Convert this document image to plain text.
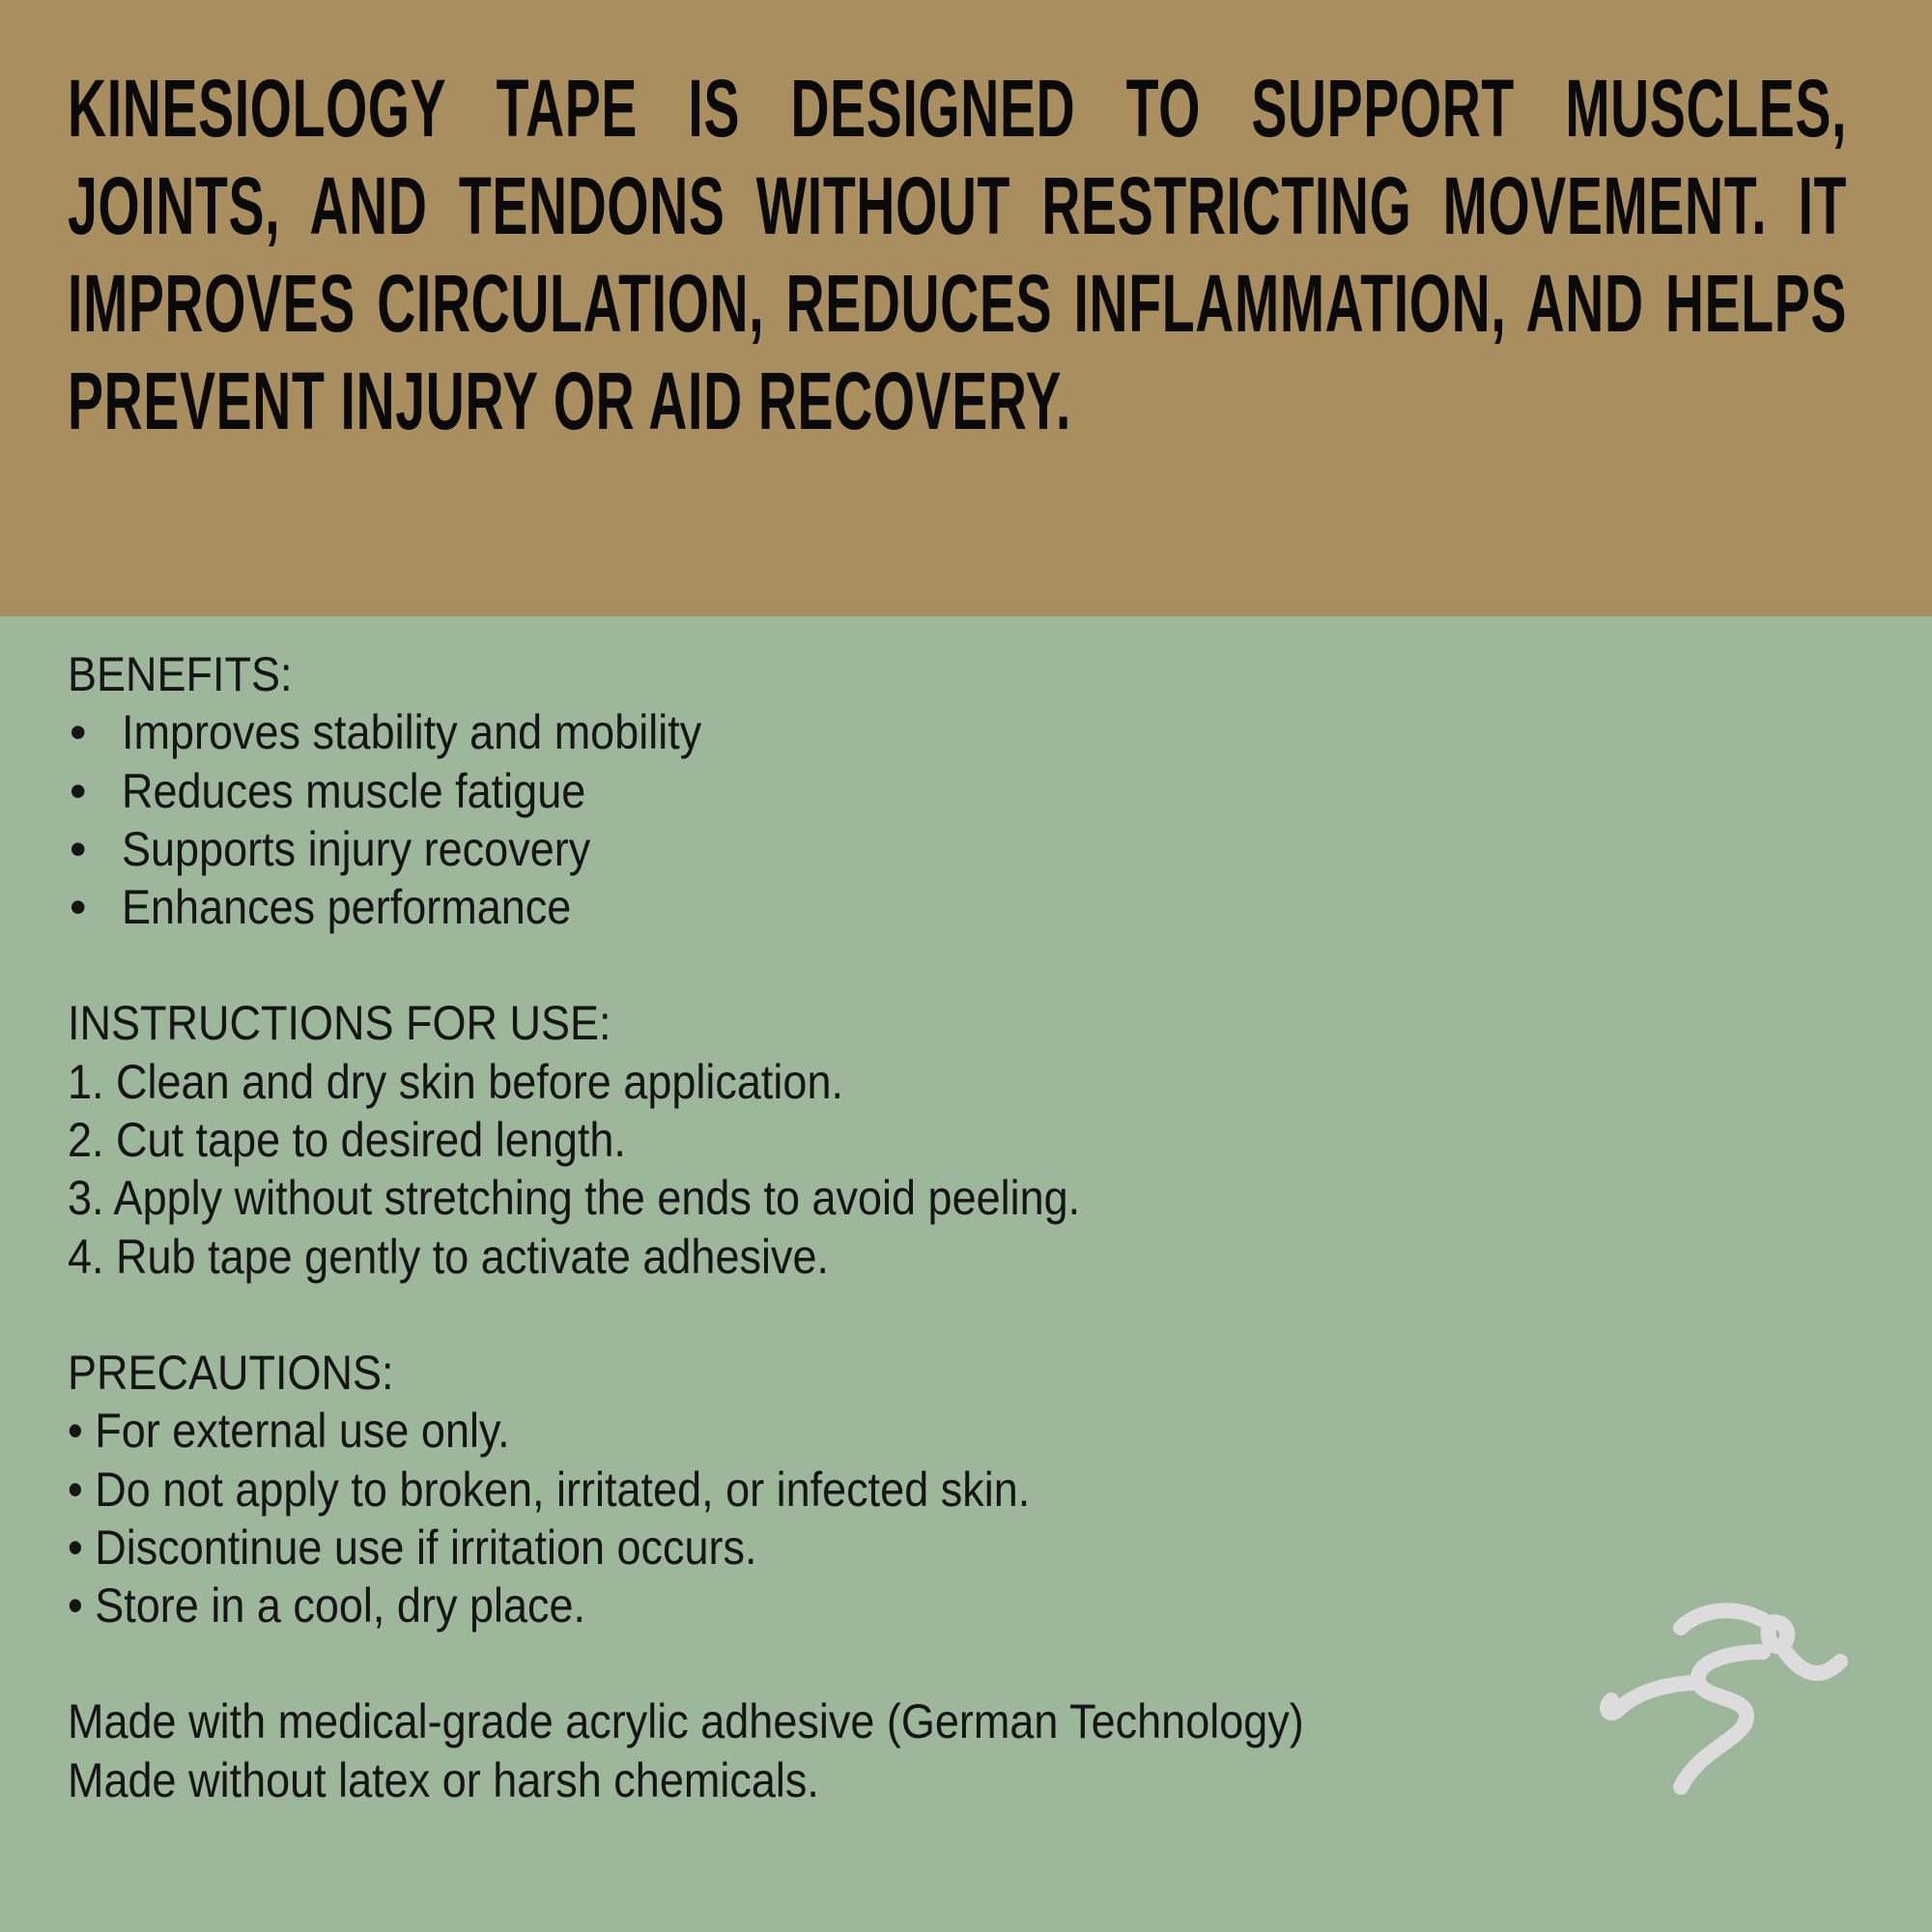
KINESIOLOGY TAPE IS DESIGNED TO SUPPORT MUSCLES, JOINTS, AND TENDONS WITHOUT RESTRICTING MOVEMENT. IT IMPROVES CIRCULATION, REDUCES INFLAMMATION, AND HELPS PREVENT INJURY OR AID RECOVERY.

BENEFITS:
• Improves stability and mobility
• Reduces muscle fatigue
• Supports injury recovery
• Enhances performance
INSTRUCTIONS FOR USE:
1. Clean and dry skin before application.
2. Cut tape to desired length.
3. Apply without stretching the ends to avoid peeling.
4. Rub tape gently to activate adhesive.
PRECAUTIONS:
• For external use only.
• Do not apply to broken, irritated, or infected skin.
• Discontinue use if irritation occurs.
• Store in a cool, dry place.
Made with medical-grade acrylic adhesive (German Technology)
Made without latex or harsh chemicals.
